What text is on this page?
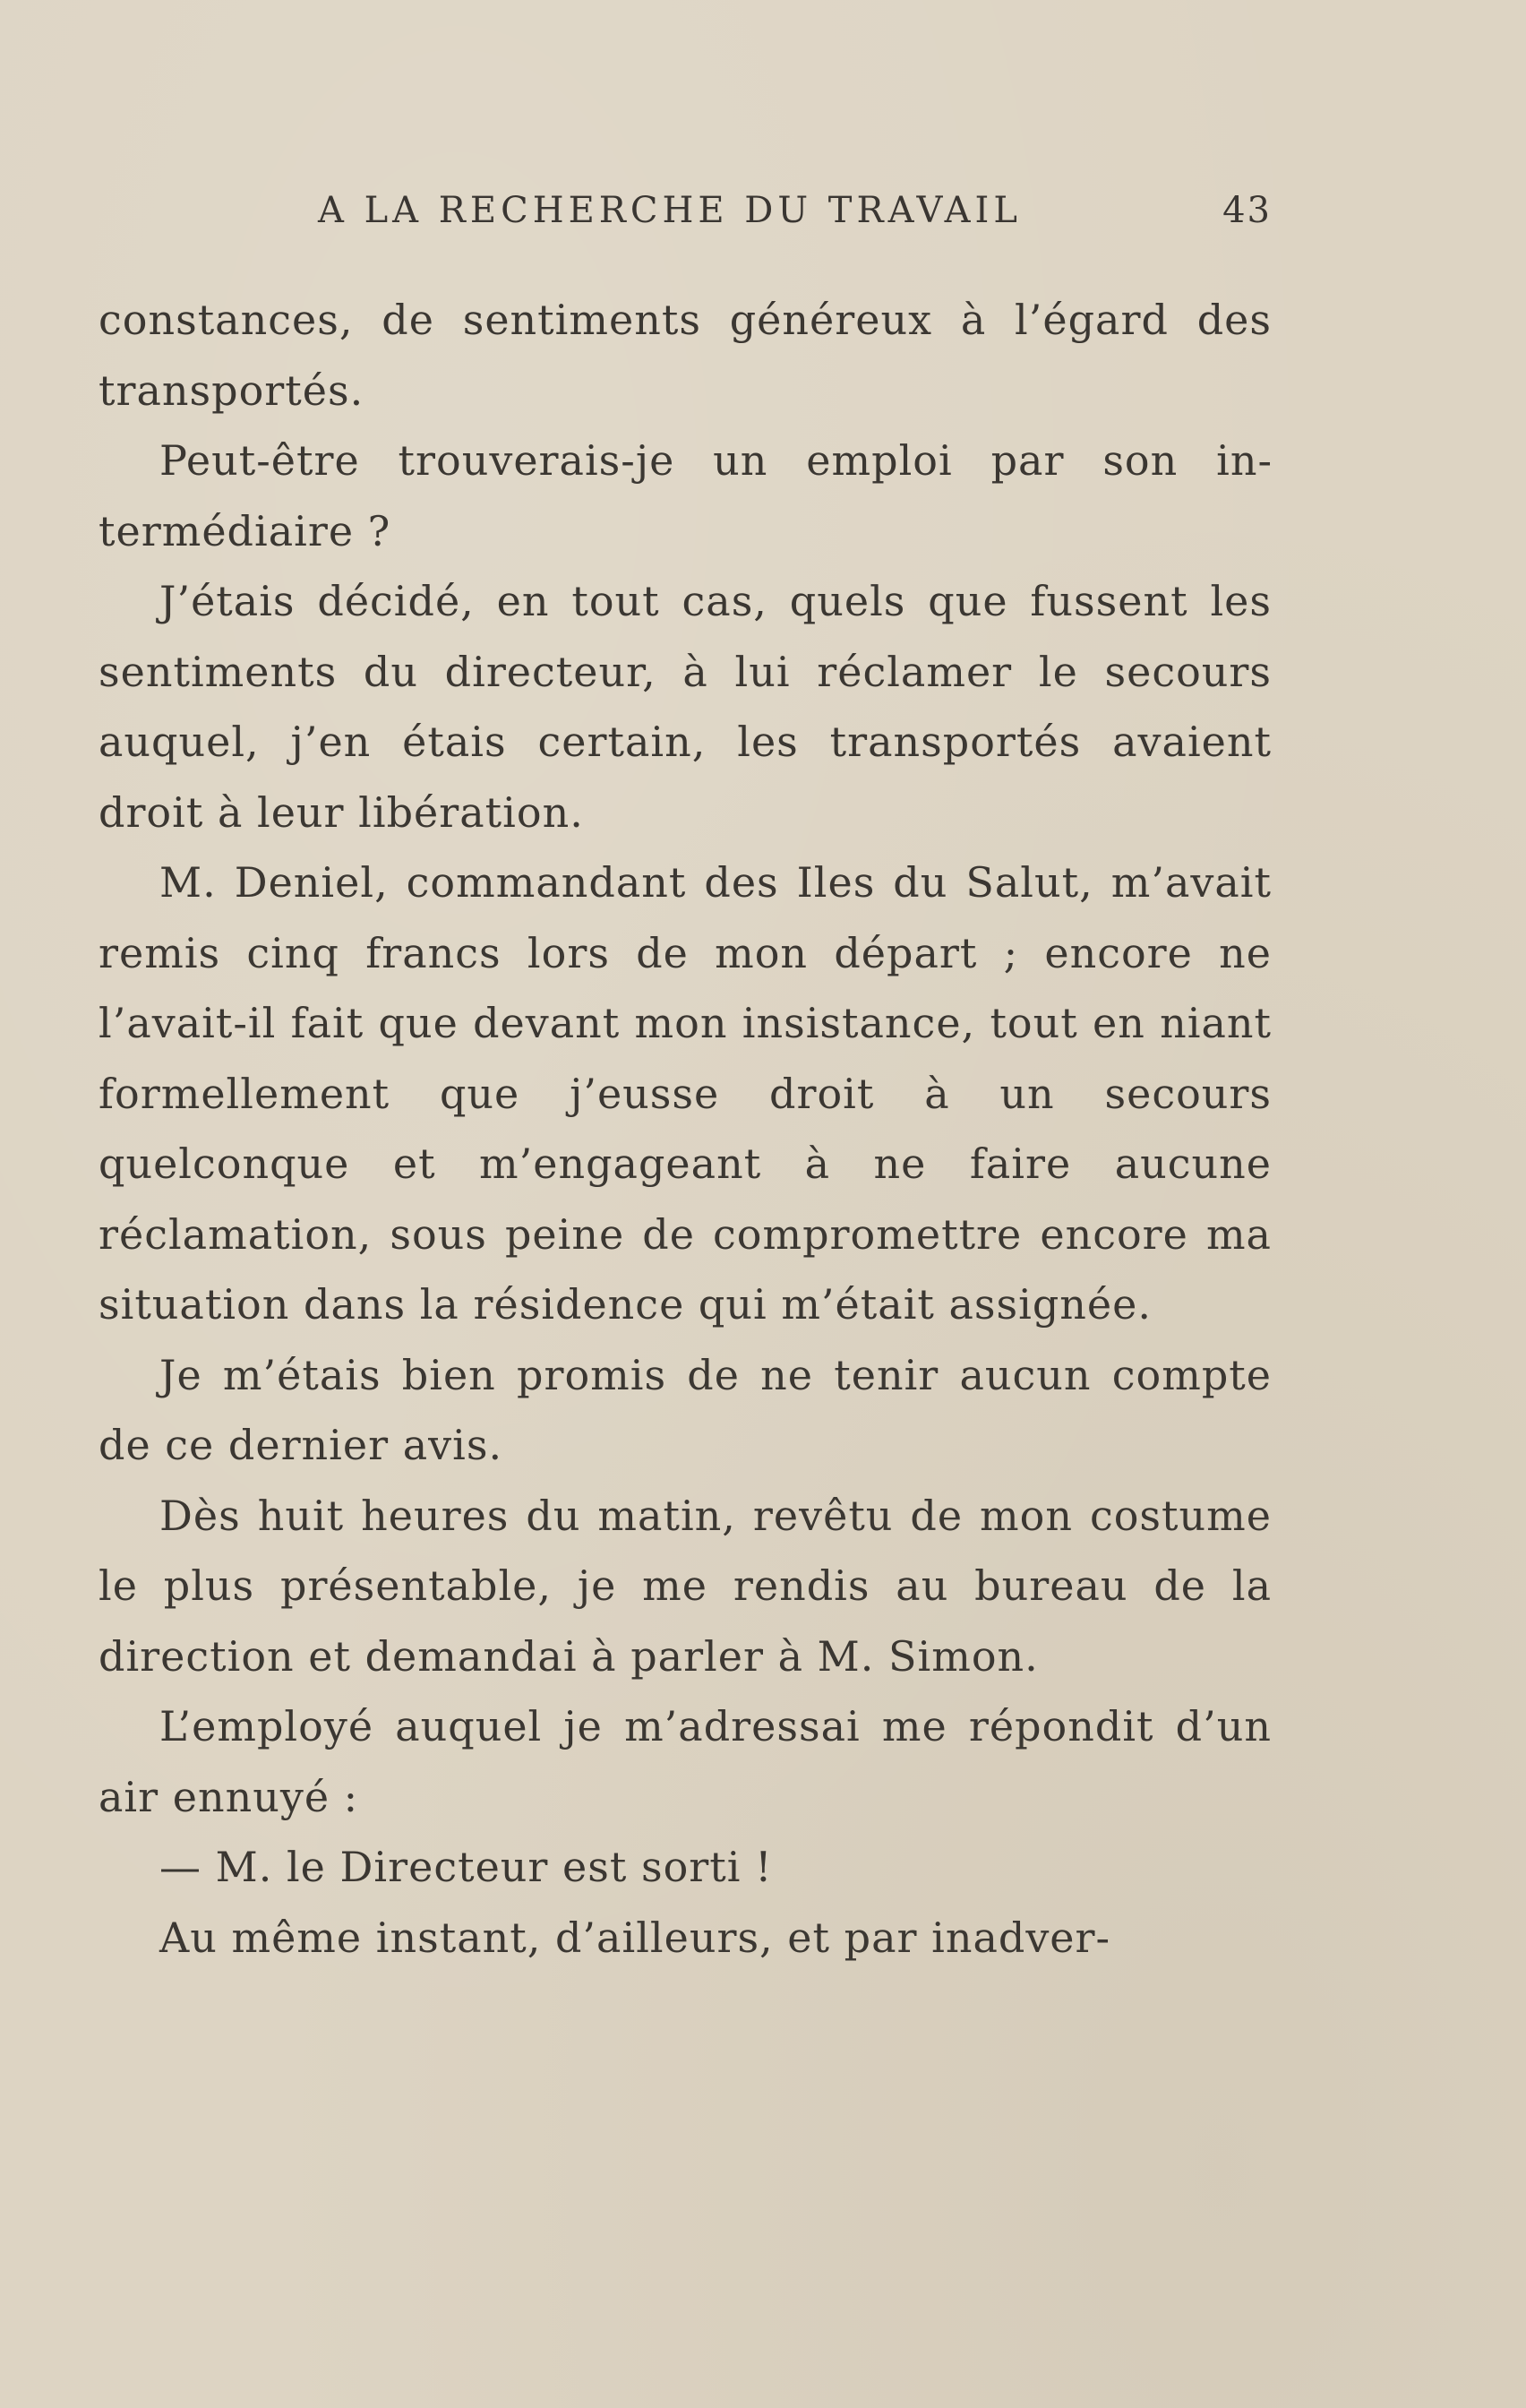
A LA RECHERCHE DU TRAVAIL	43

constances, de sentiments généreux à l’égard des transportés.

Peut-être trouverais-je un emploi par son intermédiaire ?

J’étais décidé, en tout cas, quels que fussent les sentiments du directeur, à lui réclamer le secours auquel, j’en étais certain, les transportés avaient droit à leur libération.

M. Deniel, commandant des Iles du Salut, m’avait remis cinq francs lors de mon départ ; encore ne l’avait-il fait que devant mon insistance, tout en niant formellement que j’eusse droit à un secours quelconque et m’engageant à ne faire aucune réclamation, sous peine de compromettre encore ma situation dans la résidence qui m’était assignée.

Je m’étais bien promis de ne tenir aucun compte de ce dernier avis.

Dès huit heures du matin, revêtu de mon costume le plus présentable, je me rendis au bureau de la direction et demandai à parler à M. Simon.

L’employé auquel je m’adressai me répondit d’un air ennuyé :

— M. le Directeur est sorti !

Au même instant, d’ailleurs, et par inadver-
